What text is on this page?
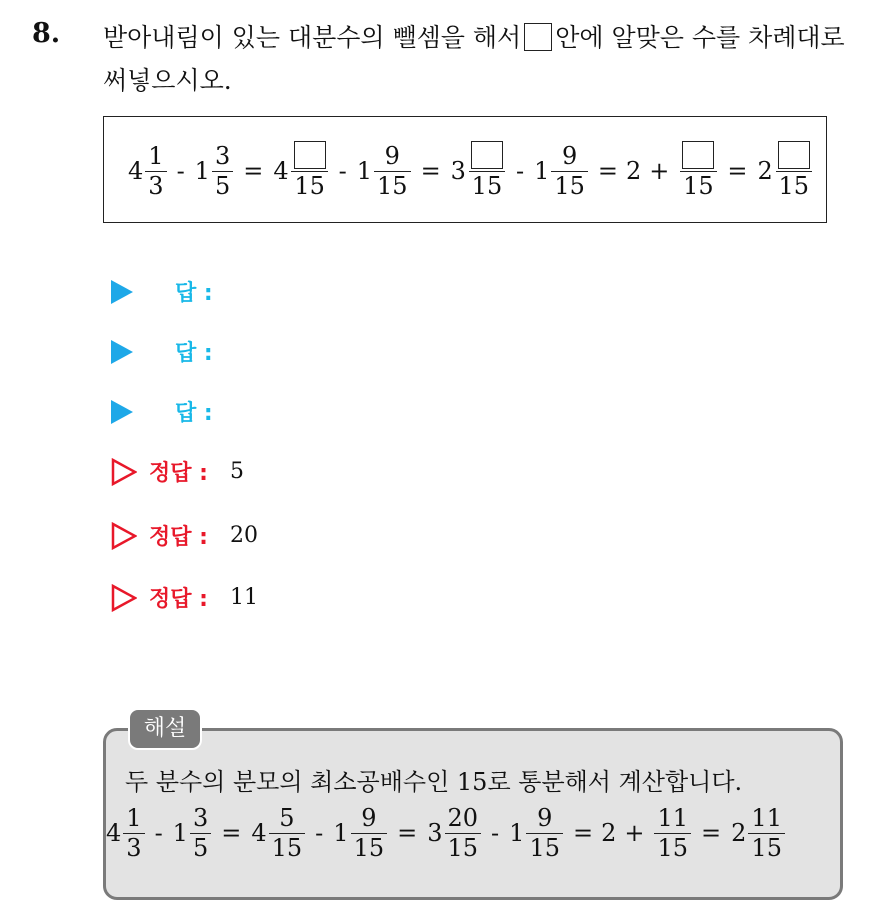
8. 받아내림이 있는 대분수의 뺄셈을 해서 안에 알맞은 수를 차례대로 써넣으시오.
$4 \frac{1}{3} - 1 \frac{3}{5} = 4$
15
- $1 \frac{9}{15} = 3$
15
- $1 \frac{9}{15} = 2$ +
15
= 2
15
답 :
답 :
답 :
정답 : 5
정답 : 20
정답 : 11
$4 \frac{1}{3} - 1 \frac{3}{5} = 4 \frac{5}{15} - 1 \frac{9}{15} = 3 \frac{20}{15} - 1 \frac{9}{15} = 2 + \frac{11}{15} = 2 \frac{11}{15}$
해설
두 분수의 분모의 최소공배수인 15로 통분해서 계산합니다.
